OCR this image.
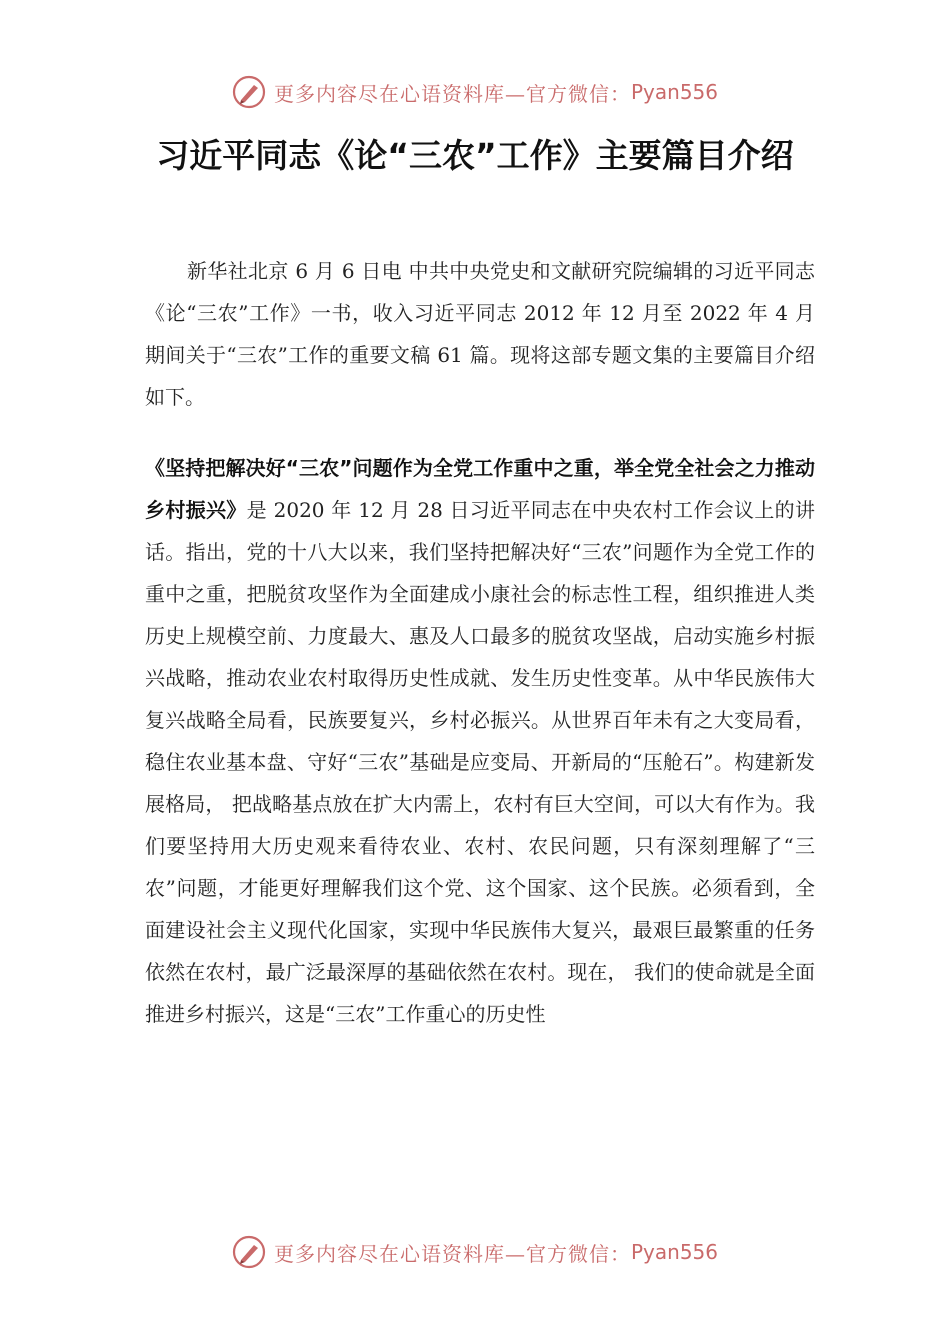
更多内容尽在心语资料库—官方微信： Pyan556
习近平同志《论“三农”工作》主要篇目介绍

新华社北京 6 月 6 日电 中共中央党史和文献研究院编辑的习近平同志《论“三农”工作》一书，收入习近平同志 2012 年 12 月至 2022 年 4 月期间关于“三农”工作的重要文稿 61 篇。现将这部专题文集的主要篇目介绍如下。

《坚持把解决好“三农”问题作为全党工作重中之重，举全党全社会之力推动乡村振兴》是 2020 年 12 月 28 日习近平同志在中央农村工作会议上的讲话。指出，党的十八大以来，我们坚持把解决好“三农”问题作为全党工作的重中之重，把脱贫攻坚作为全面建成小康社会的标志性工程，组织推进人类历史上规模空前、力度最大、惠及人口最多的脱贫攻坚战，启动实施乡村振兴战略，推动农业农村取得历史性成就、发生历史性变革。从中华民族伟大复兴战略全局看，民族要复兴，乡村必振兴。从世界百年未有之大变局看，稳住农业基本盘、守好“三农”基础是应变局、开新局的“压舱石”。构建新发展格局， 把战略基点放在扩大内需上，农村有巨大空间，可以大有作为。我们要坚持用大历史观来看待农业、农村、农民问题，只有深刻理解了“三农”问题，才能更好理解我们这个党、这个国家、这个民族。必须看到，全面建设社会主义现代化国家，实现中华民族伟大复兴，最艰巨最繁重的任务依然在农村，最广泛最深厚的基础依然在农村。现在， 我们的使命就是全面推进乡村振兴，这是“三农”工作重心的历史性

更多内容尽在心语资料库—官方微信： Pyan556
